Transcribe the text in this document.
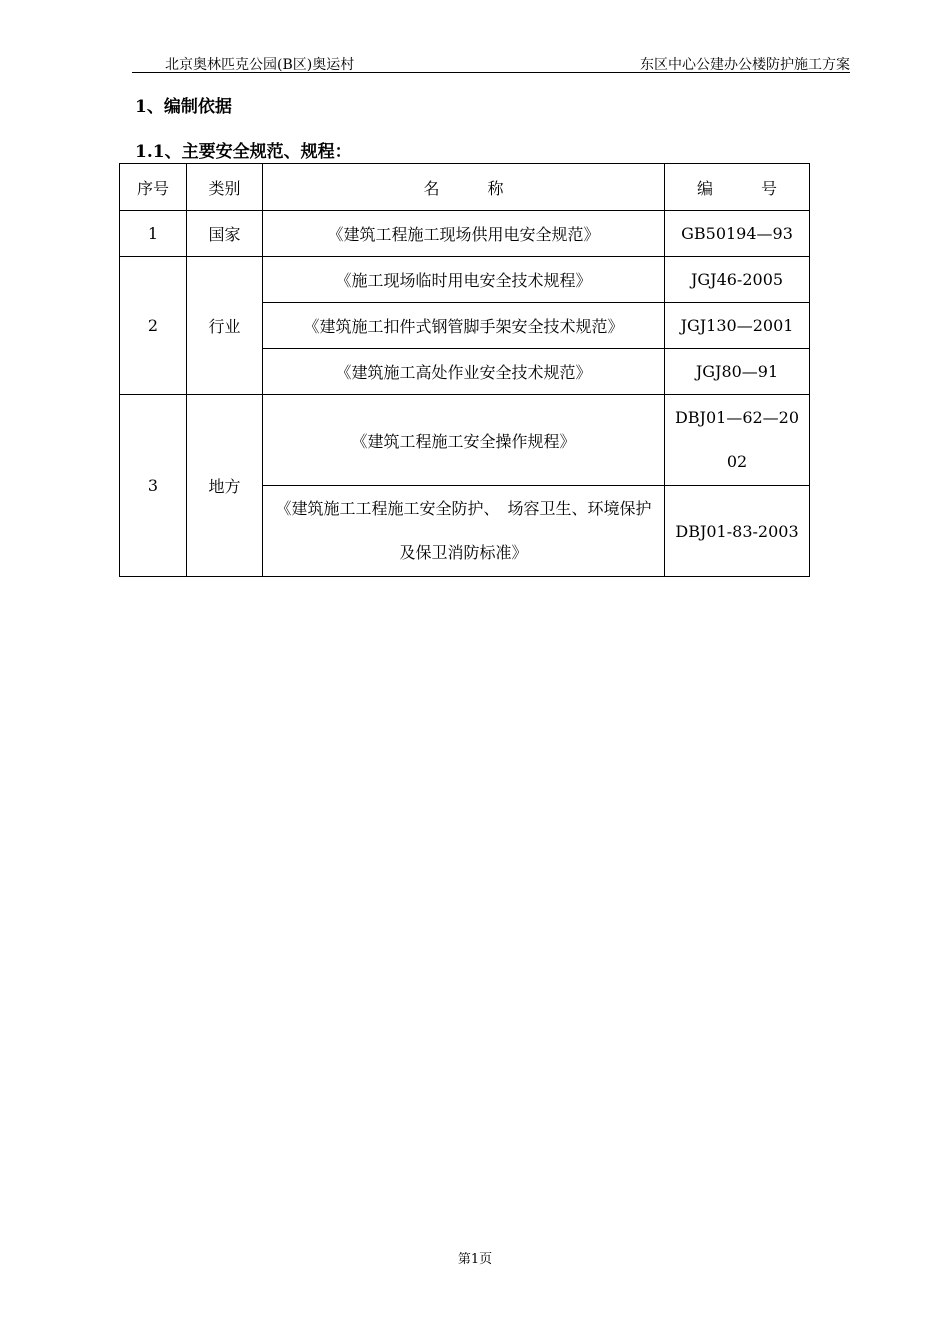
北京奥林匹克公园(B区)奥运村	东区中心公建办公楼防护施工方案
1、编制依据
1.1、主要安全规范、规程：
序号	类别	名　　　称	编　　　号
1	国家	《建筑工程施工现场供用电安全规范》	GB50194—93
2	行业	《施工现场临时用电安全技术规程》	JGJ46-2005
		《建筑施工扣件式钢管脚手架安全技术规范》	JGJ130—2001
		《建筑施工高处作业安全技术规范》	JGJ80—91
3	地方	《建筑工程施工安全操作规程》	DBJ01—62—2002
		《建筑施工工程施工安全防护、　场容卫生、环境保护及保卫消防标准》	DBJ01-83-2003
第1页
